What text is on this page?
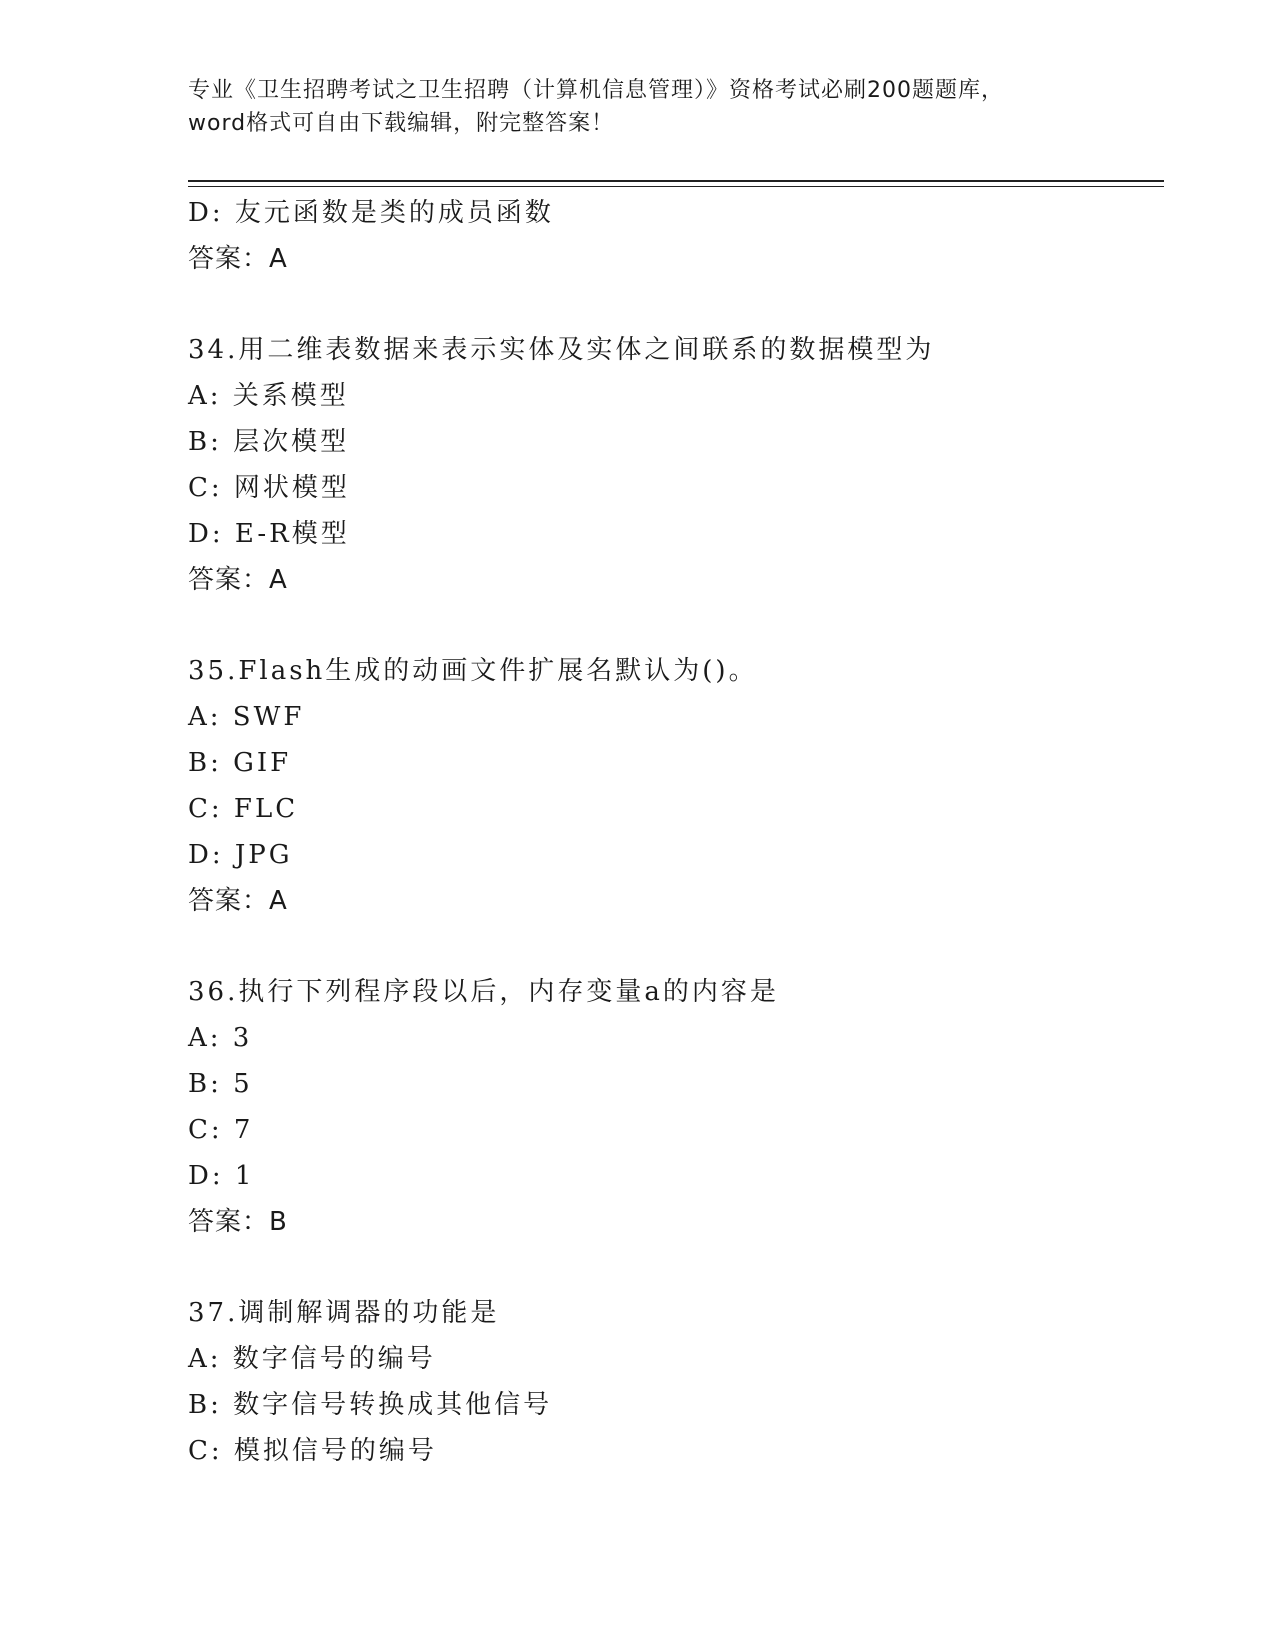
专业《卫生招聘考试之卫生招聘（计算机信息管理）》资格考试必刷200题题库，
word格式可自由下载编辑，附完整答案！
D: 友元函数是类的成员函数
答案：A
34.用二维表数据来表示实体及实体之间联系的数据模型为
A: 关系模型
B: 层次模型
C: 网状模型
D: E-R模型
答案：A
35.Flash生成的动画文件扩展名默认为()。
A: SWF
B: GIF
C: FLC
D: JPG
答案：A
36.执行下列程序段以后，内存变量a的内容是
A: 3
B: 5
C: 7
D: 1
答案：B
37.调制解调器的功能是
A: 数字信号的编号
B: 数字信号转换成其他信号
C: 模拟信号的编号
